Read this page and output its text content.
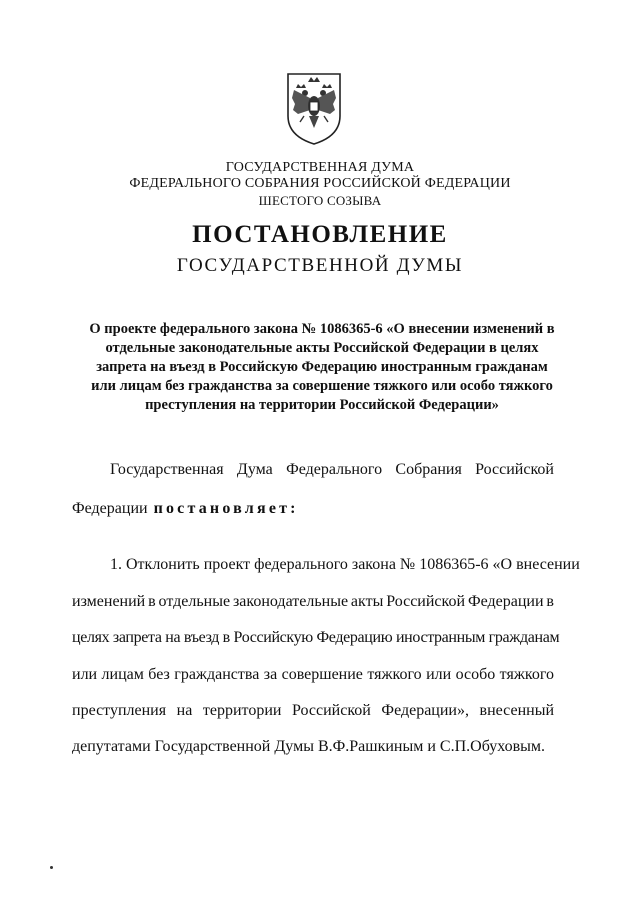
ГОСУДАРСТВЕННАЯ ДУМА
ФЕДЕРАЛЬНОГО СОБРАНИЯ РОССИЙСКОЙ ФЕДЕРАЦИИ
ШЕСТОГО СОЗЫВА
ПОСТАНОВЛЕНИЕ
ГОСУДАРСТВЕННОЙ ДУМЫ
О проекте федерального закона № 1086365-6 «О внесении изменений в
отдельные законодательные акты Российской Федерации в целях
запрета на въезд в Российскую Федерацию иностранным гражданам
или лицам без гражданства за совершение тяжкого или особо тяжкого
преступления на территории Российской Федерации»
Государственная Дума Федерального Собрания Российской
Федерации постановляет:
1. Отклонить проект федерального закона № 1086365-6 «О внесении
изменений в отдельные законодательные акты Российской Федерации в
целях запрета на въезд в Российскую Федерацию иностранным гражданам
или лицам без гражданства за совершение тяжкого или особо тяжкого
преступления на территории Российской Федерации», внесенный
депутатами Государственной Думы В.Ф.Рашкиным и С.П.Обуховым.
